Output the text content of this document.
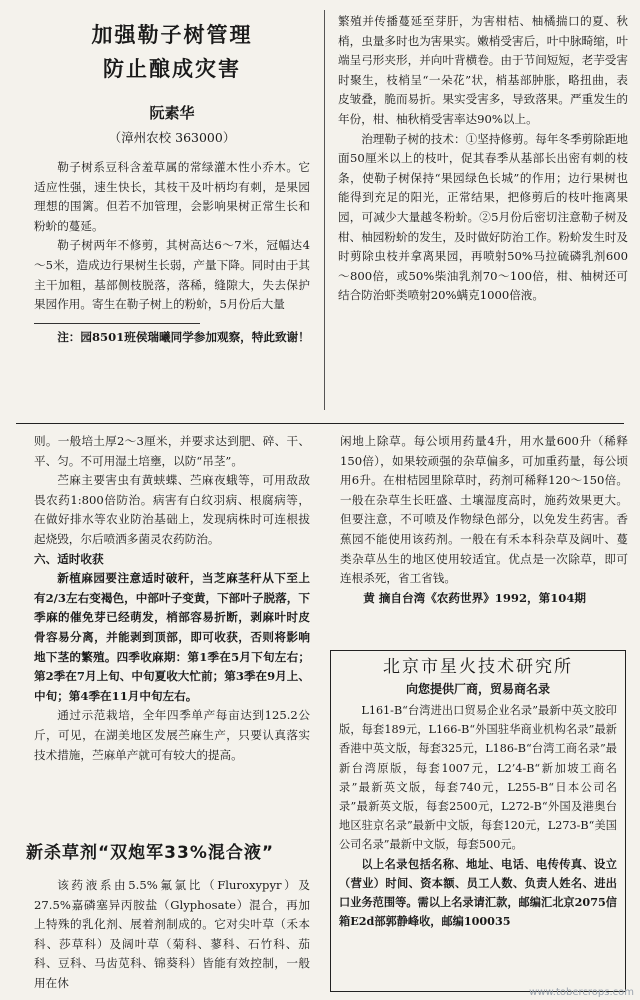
加强勒子树管理
防止酿成灾害
阮素华
（漳州农校 363000）

勒子树系豆科含羞草属的常绿灌木性小乔木。它适应性强，速生快长，其枝干及叶柄均有刺，是果园理想的围篱。但若不加管理，会影响果树正常生长和粉蚧的蔓延。

勒子树两年不修剪，其树高达6～7米，冠幅达4～5米，造成边行果树生长弱，产量下降。同时由于其主干加粗，基部侧枝脱落，落稀，缝隙大，失去保护果园作用。寄生在勒子树上的粉蚧，5月份后大量

注：园8501班侯瑞曦同学参加观察，特此致谢！

繁殖并传播蔓延至芽肝，为害柑桔、柚橘揣口的夏、秋梢，虫量多时也为害果实。嫩梢受害后，叶中脉畸缩，叶端呈弓形夹形，并向叶背横卷。由于节间短短，老芋受害时聚生，枝梢呈“一朵花”状，梢基部肿胀，略扭曲，表皮皱叠，脆而易折。果实受害多，导致落果。严重发生的年份，柑、柚秋梢受害率达90%以上。

治理勒子树的技术：①坚持修剪。每年冬季剪除距地面50厘米以上的枝叶，促其春季从基部长出密有刺的枝条，使勒子树保持“果园绿色长城”的作用；边行果树也能得到充足的阳光，正常结果，把修剪后的枝叶拖离果园，可减少大量越冬粉蚧。②5月份后密切注意勒子树及柑、柚园粉蚧的发生，及时做好防治工作。粉蚧发生时及时剪除虫枝并拿离果园，再喷射50%马拉硫磷乳剂600～800倍，或50%柴油乳剂70～100倍，柑、柚树还可结合防治虾类喷射20%螨克1000倍液。

则。一般培土厚2～3厘米，并要求达到肥、碎、干、平、匀。不可用湿土培壅，以防“吊茎”。

苎麻主要害虫有黄蛱蝶、苎麻夜蛾等，可用敌敌畏农药1:800倍防治。病害有白纹羽病、根腐病等，在做好排水等农业防治基础上，发现病株时可连根拔起烧毁，尔后喷洒多菌灵农药防治。

六、适时收获

新植麻园要注意适时破秆，当芝麻茎秆从下至上有2/3左右变褐色，中部叶子变黄，下部叶子脱落，下季麻的催免芽已经萌发，梢部容易折断，剥麻叶时皮骨容易分离，并能剥到顶部，即可收获，否则将影响地下茎的繁殖。四季收麻期：第1季在5月下旬左右；第2季在7月上旬、中旬夏收大忙前；第3季在9月上、中旬；第4季在11月中旬左右。

通过示范栽培，全年四季单产每亩达到125.2公斤，可见，在湖美地区发展苎麻生产，只要认真落实技术措施，苎麻单产就可有较大的提高。

闲地上除草。每公顷用药量4升，用水量600升（稀释150倍），如果较顽强的杂草偏多，可加重药量，每公顷用6升。在柑桔园里除草时，药剂可稀释120～150倍。一般在杂草生长旺盛、土壤湿度高时，施药效果更大。但要注意，不可喷及作物绿色部分，以免发生药害。香蕉园不能使用该药剂。一般在有禾本科杂草及阔叶、蔓类杂草丛生的地区使用较适宜。优点是一次除草，即可连根杀死，省工省钱。

黄 摘自台湾《农药世界》1992，第104期

新杀草剂“双炮军33%混合液”

该药液系由5.5%氟氯比（Fluroxypyr）及27.5%嘉磷塞异丙胺盐（Glyphosate）混合，再加上特殊的乳化剂、展着剂制成的。它对尖叶草（禾本科、莎草科）及阔叶草（菊科、蓼科、石竹科、茄科、豆科、马齿苋科、锦葵科）皆能有效控制，一般用在休

北京市星火技术研究所
向您提供厂商，贸易商名录

L161-B“台湾进出口贸易企业名录”最新中英文胶印版，每套189元，L166-B“外国驻华商业机构名录”最新香港中英文版，每套325元，L186-B“台湾工商名录”最新台湾原版，每套1007元，L2’4-B“新加坡工商名录”最新英文版，每套740元，L255-B“日本公司名录”最新英文版，每套2500元，L272-B“外国及港奥台地区驻京名录”最新中文版，每套120元，L273-B“美国公司名录”最新中文版，每套500元。

以上名录包括名称、地址、电话、电传传真、设立（营业）时间、资本额、员工人数、负责人姓名、进出口业务范围等。需以上名录请汇款，邮编汇北京2075信箱E2d部郭静峰收，邮编100035

www.tobercrops.com
